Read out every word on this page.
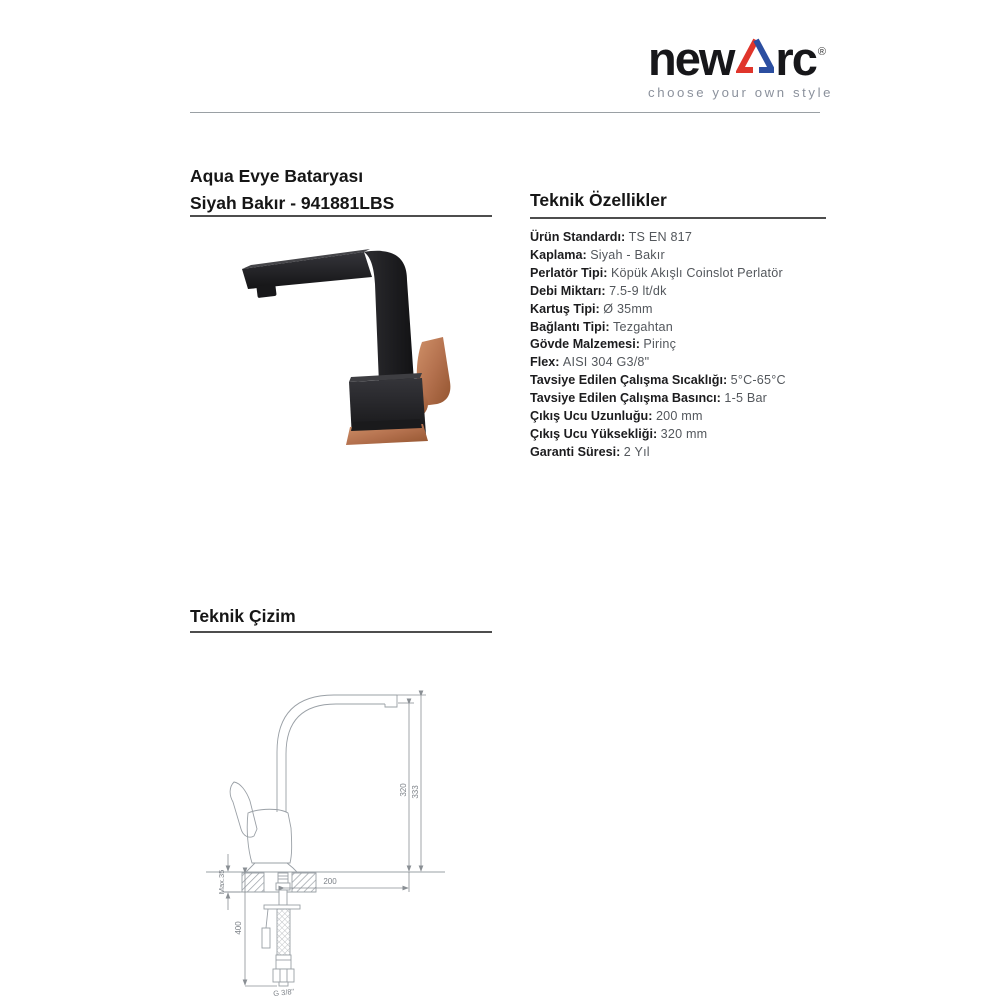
new rc ®
choose your own style
Aqua Evye Bataryası
Siyah Bakır - 941881LBS	Teknik Özellikler
Ürün Standardı: TS EN 817
Kaplama: Siyah - Bakır
Perlatör Tipi: Köpük Akışlı Coinslot Perlatör
Debi Miktarı: 7.5-9 lt/dk
Kartuş Tipi: Ø 35mm
Bağlantı Tipi: Tezgahtan
Gövde Malzemesi: Pirinç
Flex: AISI 304 G3/8"
Tavsiye Edilen Çalışma Sıcaklığı: 5°C-65°C
Tavsiye Edilen Çalışma Basıncı: 1-5 Bar
Çıkış Ucu Uzunluğu: 200 mm
Çıkış Ucu Yüksekliği: 320 mm
Garanti Süresi: 2 Yıl
Teknik Çizim
320 333
200
400
Max.35
G 3/8"
